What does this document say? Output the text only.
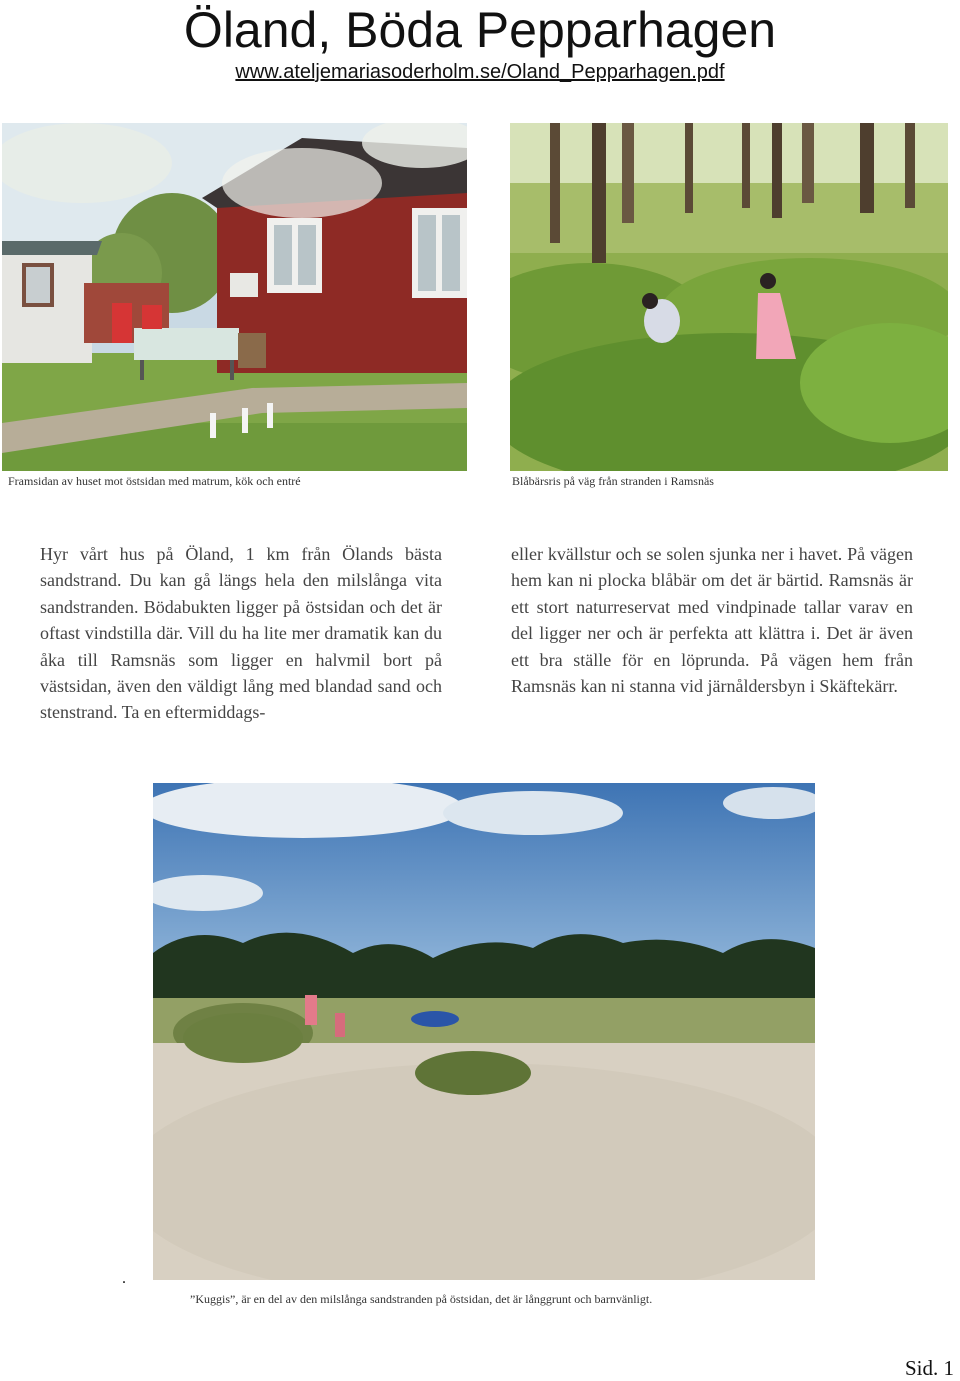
Öland, Böda Pepparhagen
www.ateljemariasoderholm.se/Oland_Pepparhagen.pdf
Framsidan av huset mot östsidan med matrum, kök och entré	Blåbärsris på väg från stranden i Ramsnäs
Hyr vårt hus på Öland, 1 km från Ölands bästa sandstrand. Du kan gå längs hela den milslånga vita sandstranden. Bödabukten ligger på östsidan och det är oftast vindstilla där. Vill du ha lite mer dramatik kan du åka till Ramsnäs som ligger en halvmil bort på västsidan, även den väldigt lång med blandad sand och stenstrand. Ta en eftermiddags-
eller kvällstur och se solen sjunka ner i havet. På vägen hem kan ni plocka blåbär om det är bärtid. Ramsnäs är ett stort naturreservat med vindpinade tallar varav en del ligger ner och är perfekta att klättra i. Det är även ett bra ställe för en löprunda. På vägen hem från Ramsnäs kan ni stanna vid järnåldersbyn i Skäftekärr.
.
”Kuggis”, är en del av den milslånga sandstranden på östsidan, det är långgrunt och barnvänligt.
Sid. 1
